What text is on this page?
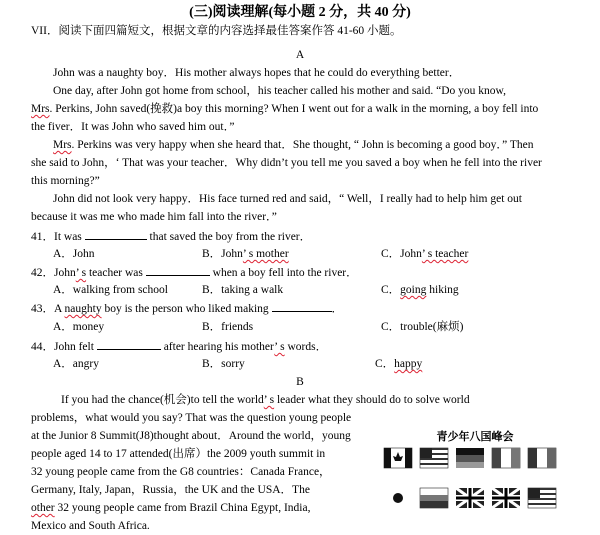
(三)阅读理解(每小题 2 分，共 40 分)
VII．阅读下面四篇短文，根据文章的内容选择最佳答案作答 41-60 小题。
A
John was a naughty boy．His mother always hopes that he could do everything better．
One day, after John got home from school，his teacher called his mother and said. “Do you know,
Mrs. Perkins, John saved(挽救)a boy this morning? When I went out for a walk in the morning, a boy fell into
the fiver．It was John who saved him out．”
Mrs. Perkins was very happy when she heard that．She thought, “ John is becoming a good boy．” Then
she said to John，‘ That was your teacher．Why didn’t you tell me you saved a boy when he fell into the river
this morning?”
John did not look very happy．His face turned red and said，“ Well，I really had to help him get out
because it was me who made him fall into the river．”
41．It was	that saved the boy from the river．
A．John	B．John’ s mother	C．John’ s teacher
42．John’ s teacher was	when a boy fell into the river．
A．walking from school	B．taking a walk	C．going hiking
43．A naughty boy is the person who liked making	．
A．money	B．friends	C．trouble(麻烦)
44．John felt	after hearing his mother’ s words．
A．angry	B．sorry	C．happy
B
If you had the chance(机会)to tell the world’ s leader what they should do to solve world
problems，what would you say? That was the question young people
at the Junior 8 Summit(J8)thought about．Around the world，young
people aged 14 to 17 attended(出席）the 2009 youth summit in
32 young people came from the G8 countries：Canada France，
Germany, Italy, Japan，Russia，the UK and the USA．The
other 32 young people came from Brazil China Egypt, India,
Mexico and South Africa.
青少年八国峰会
